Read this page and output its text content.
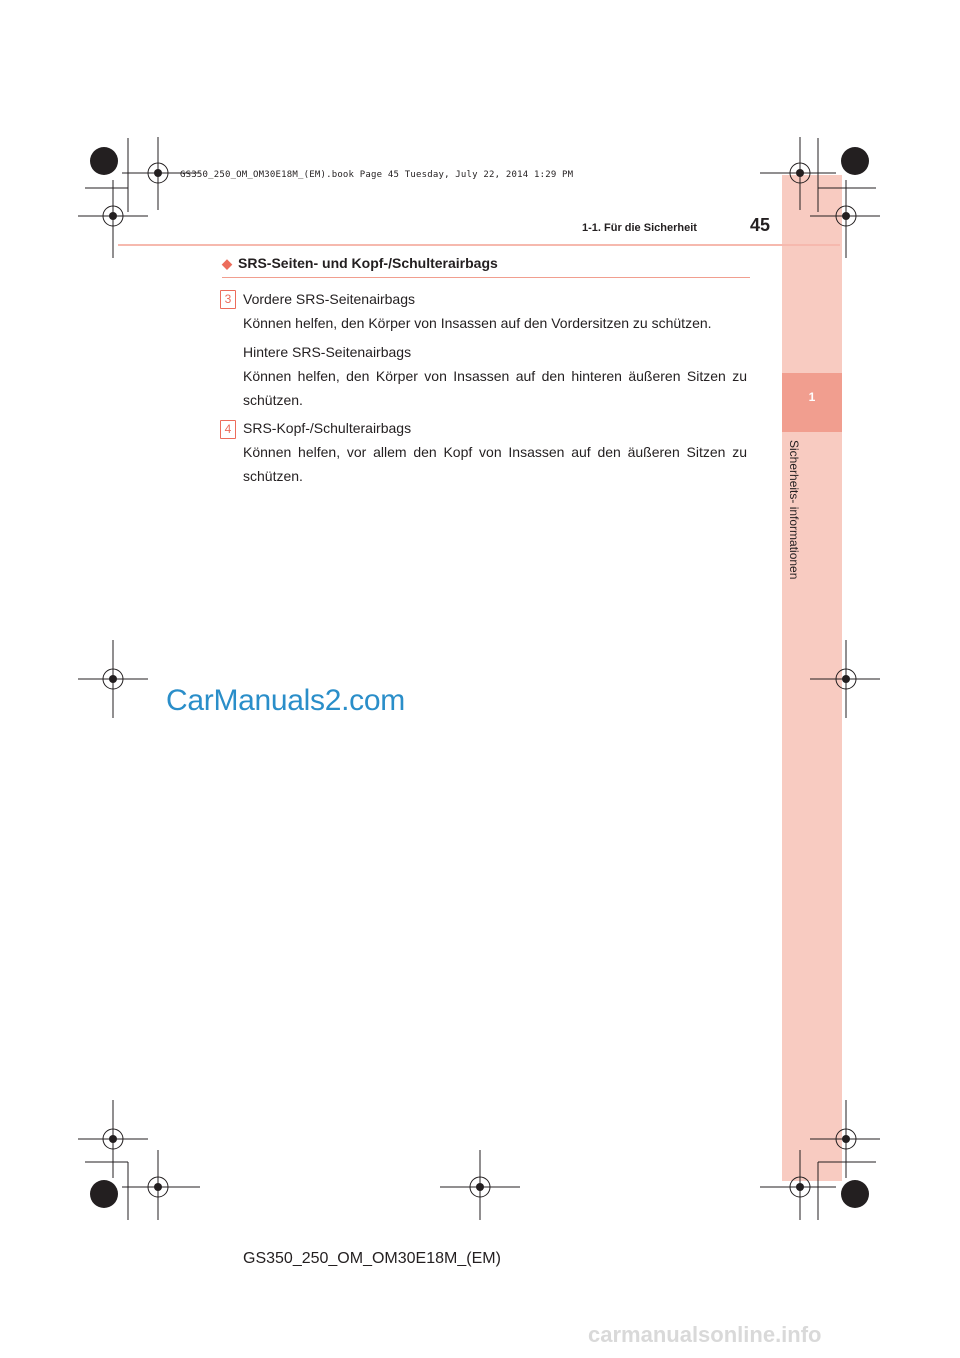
1
Sicherheits- informationen
GS350_250_OM_OM30E18M_(EM).book Page 45 Tuesday, July 22, 2014 1:29 PM
1-1. Für die Sicherheit	45
◆ SRS-Seiten- und Kopf-/Schulterairbags
3 Vordere SRS-Seitenairbags
Können helfen, den Körper von Insassen auf den Vordersitzen zu schützen.
Hintere SRS-Seitenairbags
Können helfen, den Körper von Insassen auf den hinteren äußeren Sitzen zu schützen.
4 SRS-Kopf-/Schulterairbags
Können helfen, vor allem den Kopf von Insassen auf den äußeren Sitzen zu schützen.
CarManuals2.com
GS350_250_OM_OM30E18M_(EM)
carmanualsonline.info
